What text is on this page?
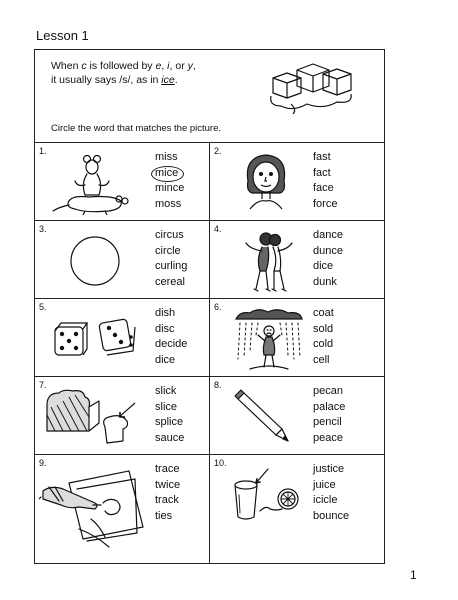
Lesson 1
When c is followed by e, i, or y,
it usually says /s/, as in ice.
Circle the word that matches the picture.
1.	miss
mice
mince
moss
2.	fast
fact
face
force
3.	circus
circle
curling
cereal
4.	dance
dunce
dice
dunk
5.	dish
disc
decide
dice
6.	coat
sold
cold
cell
7.	slick
slice
splice
sauce
8.	pecan
palace
pencil
peace
9.	trace
twice
track
ties
10.	justice
juice
icicle
bounce
1
